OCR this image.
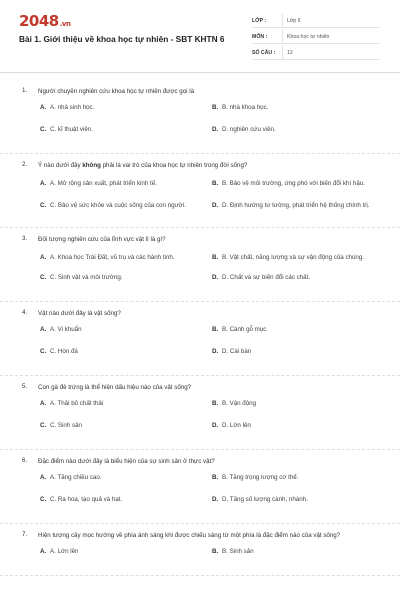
2048.vn
Bài 1. Giới thiệu về khoa học tự nhiên - SBT KHTN 6
LỚP :	Lớp 6
MÔN :	Khoa học tự nhiên
SỐ CÂU :	12
1.	Người chuyên nghiên cứu khoa học tự nhiên được gọi là
A. A. nhà sinh học.	B. B. nhà khoa học.
C. C. kĩ thuật viên.	D. D. nghiên cứu viên.
2.	Ý nào dưới đây không phải là vai trò của khoa học tự nhiên trong đời sống?
A. A. Mở rộng sản xuất, phát triển kinh tế.	B. B. Bảo vệ môi trường, ứng phó với biến đổi khí hậu.
C. C. Bảo vệ sức khỏe và cuộc sống của con người.	D. D. Định hướng tư tưởng, phát triển hệ thống chính trị.
3.	Đối tượng nghiên cứu của lĩnh vực vật lí là gì?
A. A. Khoa học Trái Đất, vũ trụ và các hành tinh.	B. B. Vật chất, năng lượng và sự vận động của chúng.
C. C. Sinh vật và môi trường.	D. D. Chất và sự biến đổi các chất.
4.	Vật nào dưới đây là vật sống?
A. A. Vi khuẩn	B. B. Cành gỗ mục
C. C. Hòn đá	D. D. Cái bàn
5.	Con gà đẻ trứng là thể hiện dấu hiệu nào của vật sống?
A. A. Thải bỏ chất thải	B. B. Vận động
C. C. Sinh sản	D. D. Lớn lên
6.	Đặc điểm nào dưới đây là biểu hiện của sự sinh sản ở thực vật?
A. A. Tăng chiều cao.	B. B. Tăng trọng lượng cơ thể.
C. C. Ra hoa, tạo quả và hạt.	D. D. Tăng số lượng cành, nhánh.
7.	Hiện tượng cây mọc hướng về phía ánh sáng khi được chiếu sáng từ một phía là đặc điểm nào của vật sống?
A. A. Lớn lên	B. B. Sinh sản
